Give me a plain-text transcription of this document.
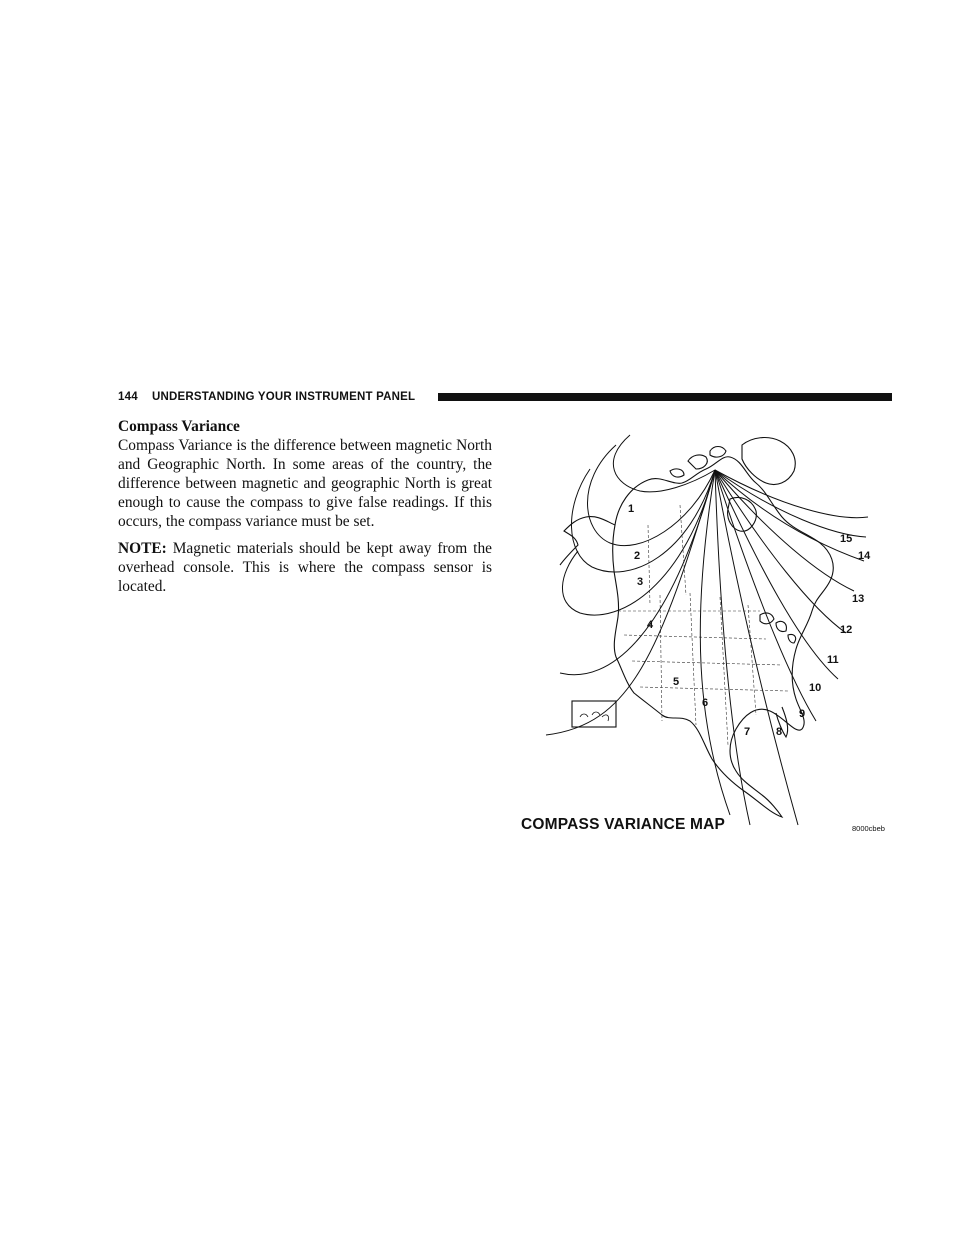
144 UNDERSTANDING YOUR INSTRUMENT PANEL
Compass Variance

Compass Variance is the difference between magnetic North and Geographic North. In some areas of the country, the difference between magnetic and geographic North is great enough to cause the compass to give false readings. If this occurs, the compass variance must be set.

NOTE: Magnetic materials should be kept away from the overhead console. This is where the compass sensor is located.

1
2
3
4
5
6
7 8
9
10
11
12
13
14
15
COMPASS VARIANCE MAP	8000cbeb
